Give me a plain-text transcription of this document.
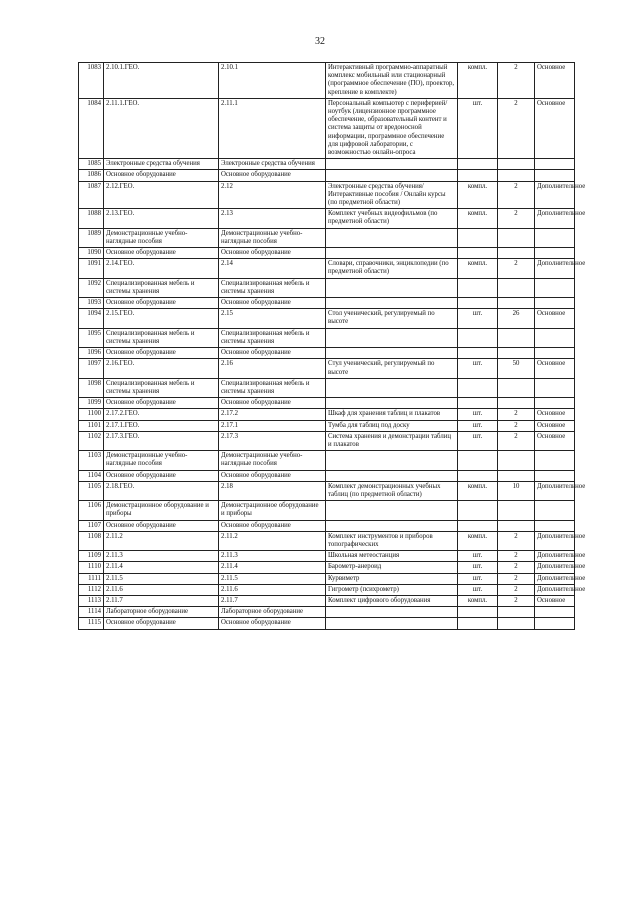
32
1083	2.10.1.ГЕО.	2.10.1	Интерактивный программно-аппаратный комплекс мобильный или стационарный (программное обеспечение (ПО), проектор, крепление в комплекте)	компл.	2	Основное
1084	2.11.1.ГЕО.	2.11.1	Персональный компьютер с периферией/ноутбук (лицензионное программное обеспечение, образовательный контент и система защиты от вредоносной информации, программное обеспечение для цифровой лаборатории, с возможностью онлайн-опроса	шт.	2	Основное
1085	Электронные средства обучения	Электронные средства обучения				
1086	Основное оборудование	Основное оборудование				
1087	2.12.ГЕО.	2.12	Электронные средства обучения/Интерактивные пособия / Онлайн курсы (по предметной области)	компл.	2	Дополнительное
1088	2.13.ГЕО.	2.13	Комплект учебных видеофильмов (по предметной области)	компл.	2	Дополнительное
1089	Демонстрационные учебно-наглядные пособия	Демонстрационные учебно-наглядные пособия				
1090	Основное оборудование	Основное оборудование				
1091	2.14.ГЕО.	2.14	Словари, справочники, энциклопедии (по предметной области)	компл.	2	Дополнительное
1092	Специализированная мебель и системы хранения	Специализированная мебель и системы хранения				
1093	Основное оборудование	Основное оборудование				
1094	2.15.ГЕО.	2.15	Стол ученический, регулируемый по высоте	шт.	26	Основное
1095	Специализированная мебель и системы хранения	Специализированная мебель и системы хранения				
1096	Основное оборудование	Основное оборудование				
1097	2.16.ГЕО.	2.16	Стул ученический, регулируемый по высоте	шт.	50	Основное
1098	Специализированная мебель и системы хранения	Специализированная мебель и системы хранения				
1099	Основное оборудование	Основное оборудование				
1100	2.17.2.ГЕО.	2.17.2	Шкаф для хранения таблиц и плакатов	шт.	2	Основное
1101	2.17.1.ГЕО.	2.17.1	Тумба для таблиц под доску	шт.	2	Основное
1102	2.17.3.ГЕО.	2.17.3	Система хранения и демонстрации таблиц и плакатов	шт.	2	Основное
1103	Демонстрационные учебно-наглядные пособия	Демонстрационные учебно-наглядные пособия				
1104	Основное оборудование	Основное оборудование				
1105	2.18.ГЕО.	2.18	Комплект демонстрационных учебных таблиц (по предметной области)	компл.	10	Дополнительное
1106	Демонстрационное оборудование и приборы	Демонстрационное оборудование и приборы				
1107	Основное оборудование	Основное оборудование				
1108	2.11.2	2.11.2	Комплект инструментов и приборов топографических	компл.	2	Дополнительное
1109	2.11.3	2.11.3	Школьная метеостанция	шт.	2	Дополнительное
1110	2.11.4	2.11.4	Барометр-анероид	шт.	2	Дополнительное
1111	2.11.5	2.11.5	Курвиметр	шт.	2	Дополнительное
1112	2.11.6	2.11.6	Гигрометр (психрометр)	шт.	2	Дополнительное
1113	2.11.7	2.11.7	Комплект цифрового оборудования	компл.	2	Основное
1114	Лабораторное оборудование	Лабораторное оборудование				
1115	Основное оборудование	Основное оборудование				
